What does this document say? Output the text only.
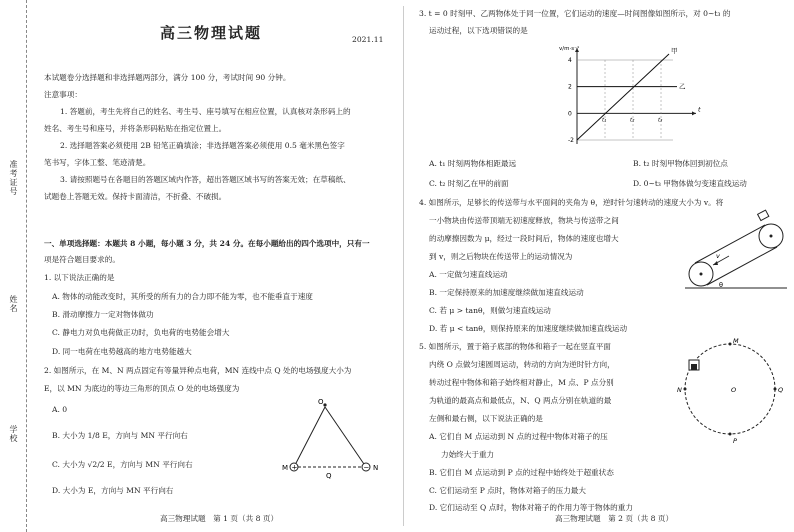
准考证号
姓名
学校
高三物理试题	2021.11
本试题卷分选择题和非选择题两部分，满分 100 分，考试时间 90 分钟。
注意事项：
1. 答题前，考生先将自己的姓名、考生号、座号填写在相应位置，认真核对条形码上的
姓名、考生号和座号，并将条形码粘贴在指定位置上。
2. 选择题答案必须使用 2B 铅笔正确填涂；非选择题答案必须使用 0.5 毫米黑色签字
笔书写，字体工整、笔迹清楚。
3. 请按照题号在各题目的答题区域内作答，超出答题区域书写的答案无效；在草稿纸、
试题卷上答题无效。保持卡面清洁，不折叠、不破损。
一、单项选择题：本题共 8 小题，每小题 3 分，共 24 分。在每小题给出的四个选项中，只有一
项是符合题目要求的。
1. 以下说法正确的是
A. 物体的动能改变时，其所受的所有力的合力即不能为零，也不能垂直于速度
B. 滑动摩擦力一定对物体做功
C. 静电力对负电荷做正功时，负电荷的电势能会增大
D. 同一电荷在电势越高的地方电势能越大
2. 如图所示，在 M、N 两点固定有等量异种点电荷，MN 连线中点 Q 处的电场强度大小为
E，以 MN 为底边的等边三角形的顶点 O 处的电场强度为
A. 0
B. 大小为 1/8 E，方向与 MN 平行向右
C. 大小为 √2/2 E，方向与 MN 平行向右
D. 大小为 E，方向与 MN 平行向右
O
+
M	− N
Q
高三物理试题　第 1 页（共 8 页）
3. t = 0 时刻甲、乙两物体处于同一位置，它们运动的速度—时间图像如图所示，对 0~t₃ 的
运动过程，以下选项错误的是
v/m·s⁻¹
t
-2
0
2
4
t₁	t₂	t₃
甲
乙
A. t₁ 时刻两物体相距最远	B. t₂ 时刻甲物体回到初位点
C. t₂ 时刻乙在甲的前面	D. 0~t₃ 甲物体做匀变速直线运动
4. 如图所示，足够长的传送带与水平面间的夹角为 θ，逆时针匀速转动的速度大小为 v。将
一小物块由传送带顶端无初速度释放，物块与传送带之间
的动摩擦因数为 μ，经过一段时间后，物体的速度也增大
到 v，则之后物块在传送带上的运动情况为
A. 一定做匀速直线运动
B. 一定保持原来的加速度继续做加速直线运动
C. 若 μ > tanθ，则做匀速直线运动
D. 若 μ < tanθ，则保持原来的加速度继续做加速直线运动
v
θ
5. 如图所示，置于箱子底部的物体和箱子一起在竖直平面
内绕 O 点做匀速圆周运动，转动的方向为逆时针方向，
转动过程中物体和箱子始终相对静止，M 点、P 点分别
为轨道的最高点和最低点，N、Q 两点分别在轨道的最
左侧和最右侧，以下说法正确的是
A. 它们自 M 点运动到 N 点的过程中物体对箱子的压
力始终大于重力
B. 它们自 M 点运动到 P 点的过程中始终处于超重状态
C. 它们运动至 P 点时，物体对箱子的压力最大
D. 它们运动至 Q 点时，物体对箱子的作用力等于物体的重力
M
N	O	Q
P
高三物理试题　第 2 页（共 8 页）
